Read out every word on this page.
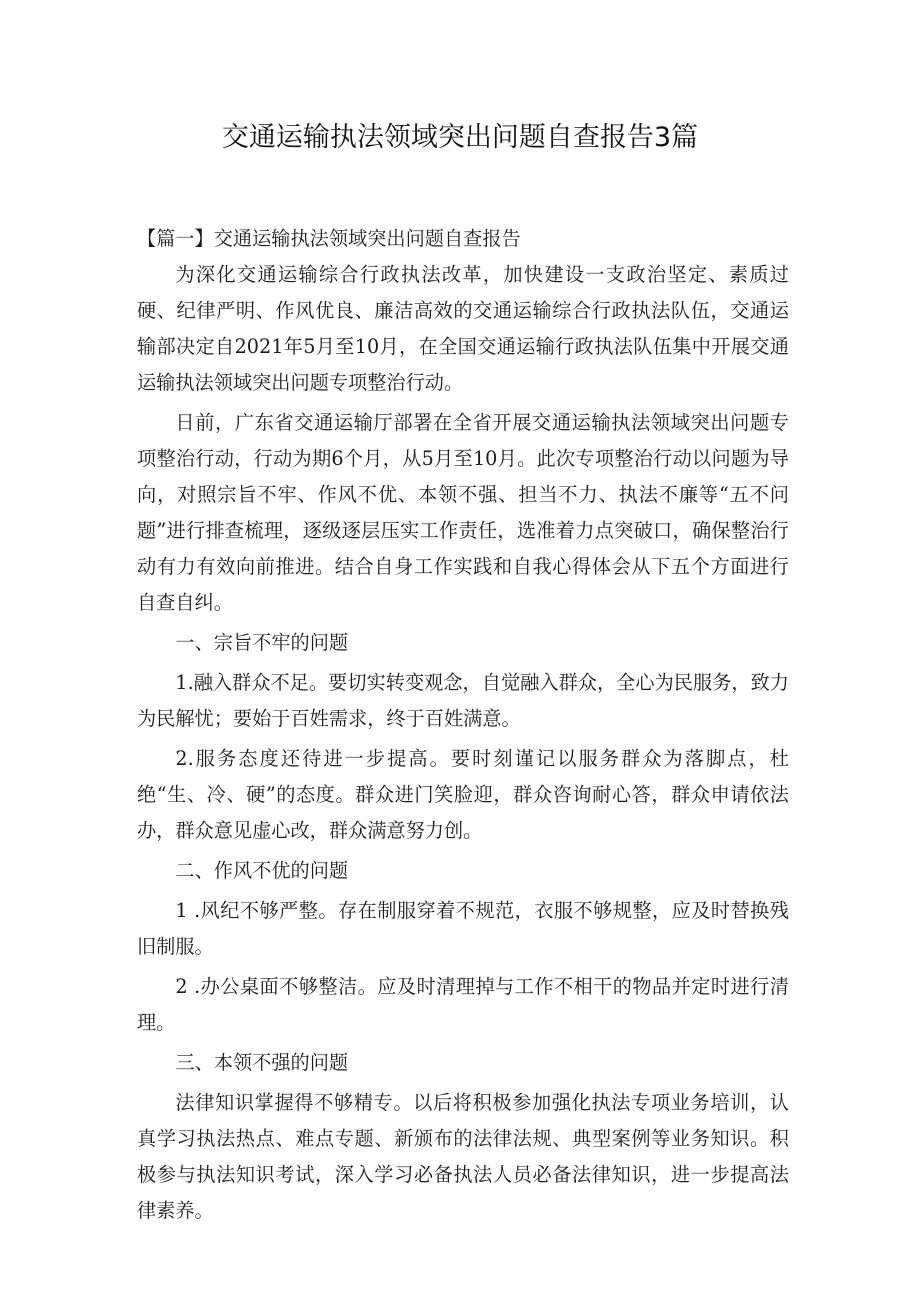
交通运输执法领域突出问题自查报告3篇

【篇一】交通运输执法领域突出问题自查报告

为深化交通运输综合行政执法改革，加快建设一支政治坚定、素质过硬、纪律严明、作风优良、廉洁高效的交通运输综合行政执法队伍，交通运输部决定自2021年5月至10月，在全国交通运输行政执法队伍集中开展交通运输执法领域突出问题专项整治行动。

日前，广东省交通运输厅部署在全省开展交通运输执法领域突出问题专项整治行动，行动为期6个月，从5月至10月。此次专项整治行动以问题为导向，对照宗旨不牢、作风不优、本领不强、担当不力、执法不廉等“五不问题”进行排查梳理，逐级逐层压实工作责任，选准着力点突破口，确保整治行动有力有效向前推进。结合自身工作实践和自我心得体会从下五个方面进行自查自纠。

一、宗旨不牢的问题

1.融入群众不足。要切实转变观念，自觉融入群众，全心为民服务，致力为民解忧；要始于百姓需求，终于百姓满意。

2.服务态度还待进一步提高。要时刻谨记以服务群众为落脚点，杜绝“生、冷、硬”的态度。群众进门笑脸迎，群众咨询耐心答，群众申请依法办，群众意见虚心改，群众满意努力创。

二、作风不优的问题

1 .风纪不够严整。存在制服穿着不规范，衣服不够规整，应及时替换残旧制服。

2 .办公桌面不够整洁。应及时清理掉与工作不相干的物品并定时进行清理。

三、本领不强的问题

法律知识掌握得不够精专。以后将积极参加强化执法专项业务培训，认真学习执法热点、难点专题、新颁布的法律法规、典型案例等业务知识。积极参与执法知识考试，深入学习必备执法人员必备法律知识，进一步提高法律素养。
